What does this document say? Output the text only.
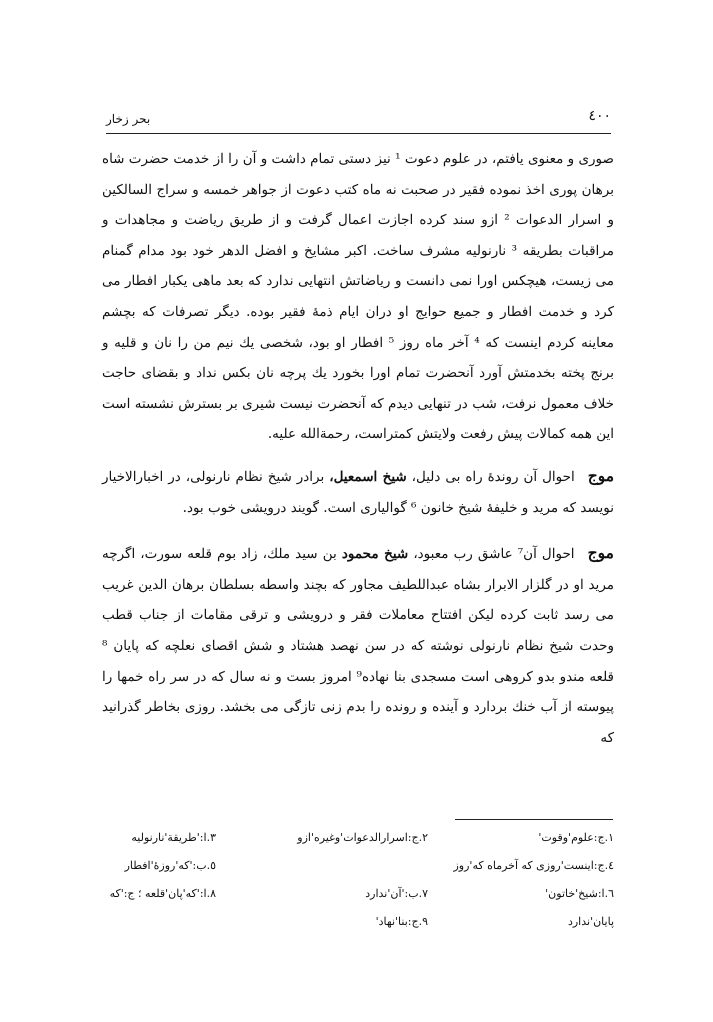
٤٠٠
بحر زخار

صوری و معنوی یافتم، در علوم دعوت ¹ نیز دستی تمام داشت و آن را از خدمت حضرت شاه برهان پوری اخذ نموده فقیر در صحبت نه ماه کتب دعوت از جواهر خمسه و سراج السالکین و اسرار الدعوات ² ازو سند کرده اجازت اعمال گرفت و از طریق ریاضت و مجاهدات و مراقبات بطریقه ³ نارنولیه مشرف ساخت. اکبر مشایخ و افضل الدهر خود بود مدام گمنام می زیست، هیچکس اورا نمی دانست و ریاضاتش انتهایی ندارد که بعد ماهی یکبار افطار می کرد و خدمت افطار و جمیع حوایج او دران ایام ذمۀ فقیر بوده. دیگر تصرفات که بچشم معاینه کردم اینست که ⁴ آخر ماه روز ⁵ افطار او بود، شخصی یك نیم من را نان و قلیه و برنج پخته بخدمتش آورد آنحضرت تمام اورا بخورد یك پرچه نان بکس نداد و بقضای حاجت خلاف معمول نرفت، شب در تنهایی دیدم که آنحضرت نیست شیری بر بسترش نشسته است این همه کمالات پیش رفعت ولایتش کمتراست، رحمةالله علیه.

موج احوال آن روندۀ راه بی دلیل، شیخ اسمعیل، برادر شیخ نظام نارنولی، در اخبارالاخیار نویسد که مرید و خلیفۀ شیخ خانون ⁶ گوالیاری است. گویند درویشی خوب بود.

موج احوال آن⁷ عاشق رب معبود، شیخ محمود بن سید ملك، زاد بوم قلعه سورت، اگرچه مرید او در گلزار الابرار بشاه عبداللطیف مجاور که بچند واسطه بسلطان برهان الدین غریب می رسد ثابت کرده لیکن افتتاح معاملات فقر و درویشی و ترقی مقامات از جناب قطب وحدت شیخ نظام نارنولی نوشته که در سن نهصد هشتاد و شش اقصای نعلچه که پایان ⁸ قلعه مندو بدو کروهی است مسجدی بنا نهاده⁹ امروز بست و نه سال که در سر راه خمها را پیوسته از آب خنك بردارد و آینده و رونده را بدم زنی تازگی می بخشد. روزی بخاطر گذرانید که

١.ج:علوم'وقوت'
٢.ج:اسرارالدعوات'وغیره'ازو
٣.ا:'طریقة'نارنولیه
٤.ج:اینست'روزی که آخرماه که'روز
٥.ب:'که'روزۀ'افطار
٦.ا:شیخ'خاتون'
٧.ب:'آن'ندارد
٨.ا:'که'پان'قلعه ؛ ج:'که
پایان'ندارد
٩.ج:بنا'نهاد'
